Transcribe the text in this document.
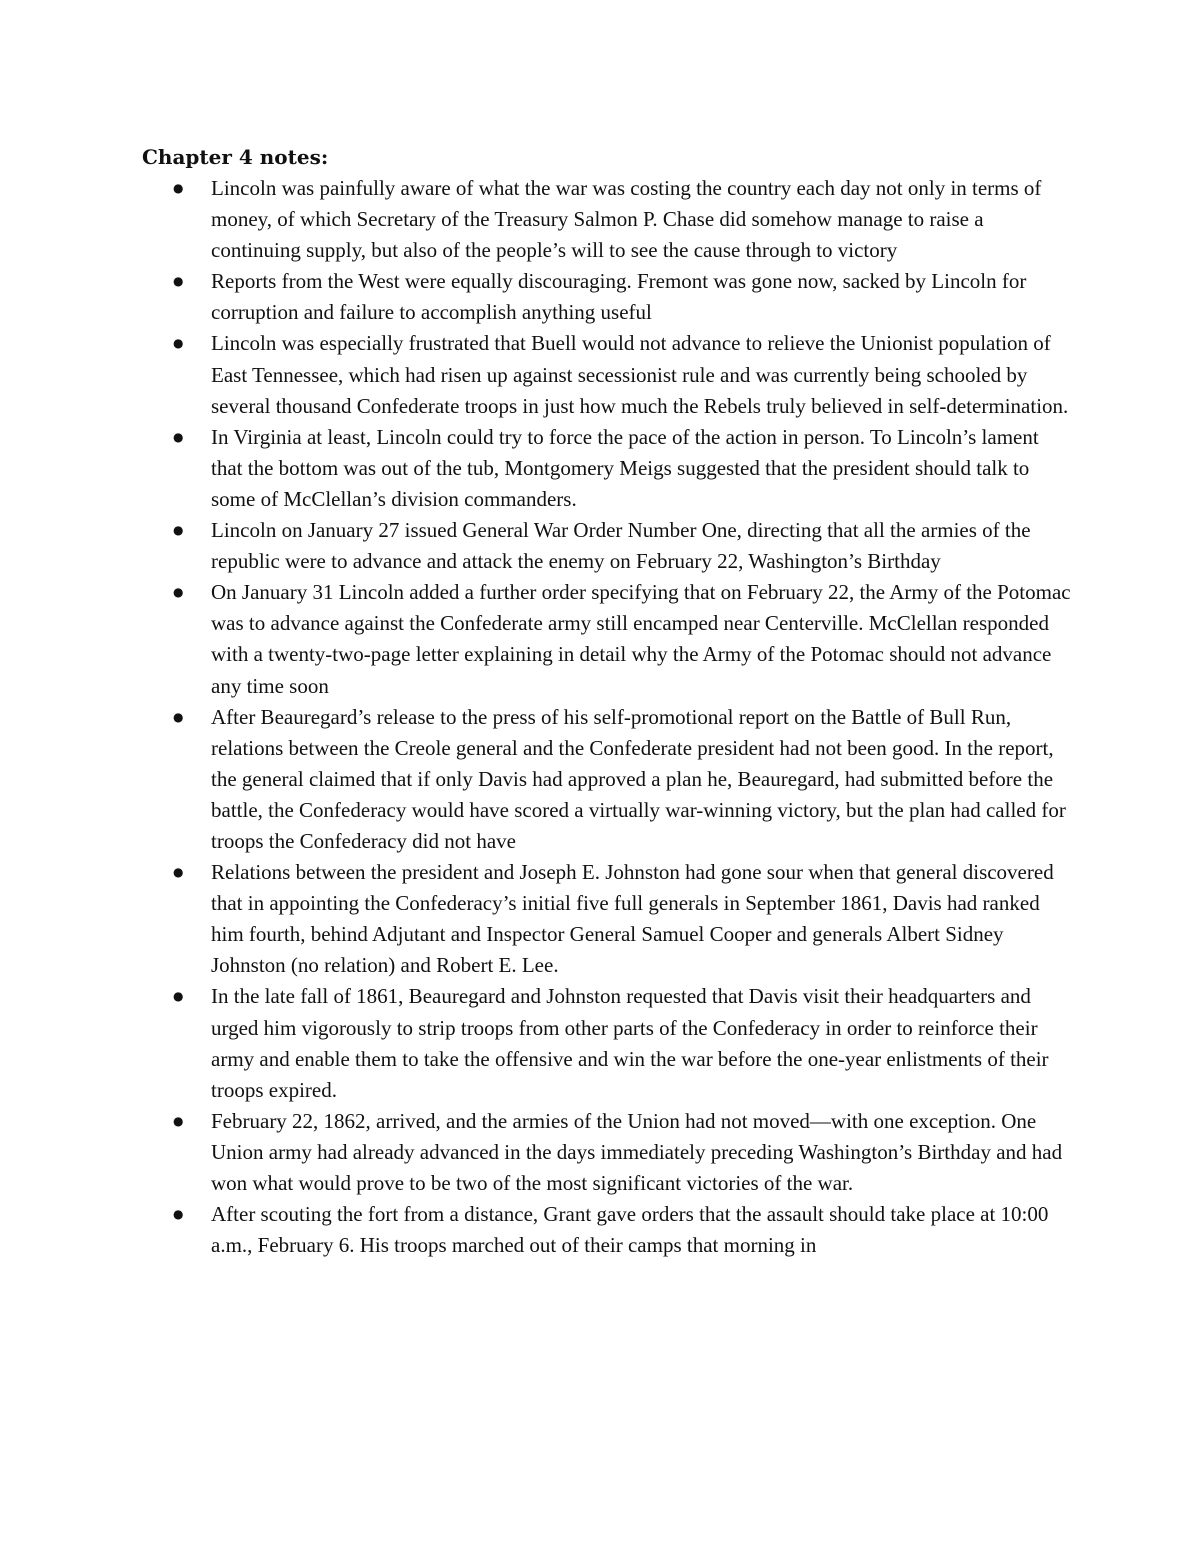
Chapter 4 notes:

● Lincoln was painfully aware of what the war was costing the country each day not only in terms of money, of which Secretary of the Treasury Salmon P. Chase did somehow manage to raise a continuing supply, but also of the people’s will to see the cause through to victory
● Reports from the West were equally discouraging. Fremont was gone now, sacked by Lincoln for corruption and failure to accomplish anything useful
● Lincoln was especially frustrated that Buell would not advance to relieve the Unionist population of East Tennessee, which had risen up against secessionist rule and was currently being schooled by several thousand Confederate troops in just how much the Rebels truly believed in self-determination.
● In Virginia at least, Lincoln could try to force the pace of the action in person. To Lincoln’s lament that the bottom was out of the tub, Montgomery Meigs suggested that the president should talk to some of McClellan’s division commanders.
● Lincoln on January 27 issued General War Order Number One, directing that all the armies of the republic were to advance and attack the enemy on February 22, Washington’s Birthday
● On January 31 Lincoln added a further order specifying that on February 22, the Army of the Potomac was to advance against the Confederate army still encamped near Centerville. McClellan responded with a twenty-two-page letter explaining in detail why the Army of the Potomac should not advance any time soon
● After Beauregard’s release to the press of his self-promotional report on the Battle of Bull Run, relations between the Creole general and the Confederate president had not been good. In the report, the general claimed that if only Davis had approved a plan he, Beauregard, had submitted before the battle, the Confederacy would have scored a virtually war-winning victory, but the plan had called for troops the Confederacy did not have
● Relations between the president and Joseph E. Johnston had gone sour when that general discovered that in appointing the Confederacy’s initial five full generals in September 1861, Davis had ranked him fourth, behind Adjutant and Inspector General Samuel Cooper and generals Albert Sidney Johnston (no relation) and Robert E. Lee.
● In the late fall of 1861, Beauregard and Johnston requested that Davis visit their headquarters and urged him vigorously to strip troops from other parts of the Confederacy in order to reinforce their army and enable them to take the offensive and win the war before the one-year enlistments of their troops expired.
● February 22, 1862, arrived, and the armies of the Union had not moved—with one exception. One Union army had already advanced in the days immediately preceding Washington’s Birthday and had won what would prove to be two of the most significant victories of the war.
● After scouting the fort from a distance, Grant gave orders that the assault should take place at 10:00 a.m., February 6. His troops marched out of their camps that morning in
